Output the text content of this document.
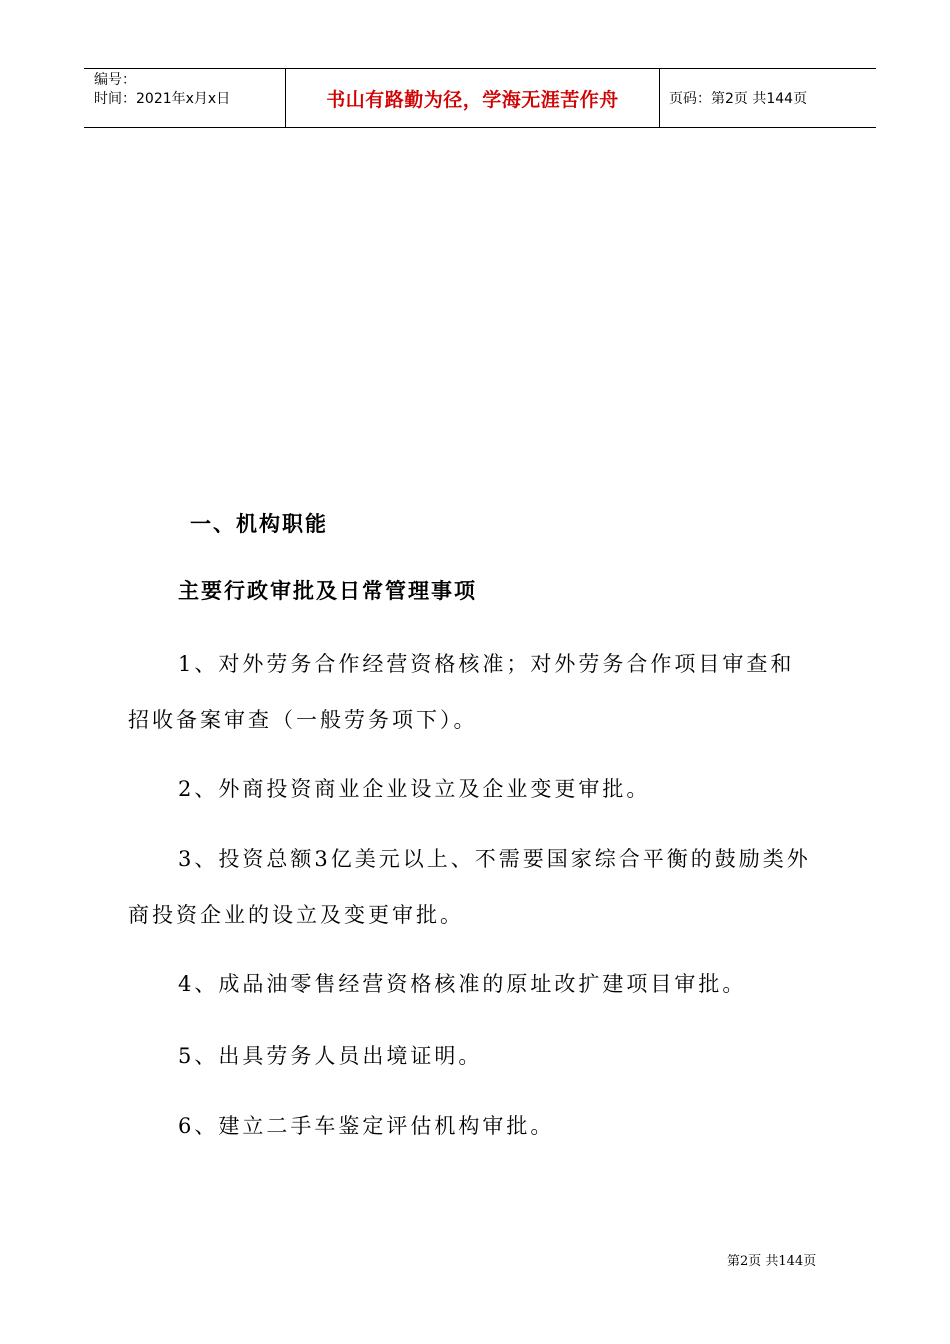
编号：
时间：2021年x月x日	书山有路勤为径，学海无涯苦作舟	页码：第2页 共144页
一、机构职能
主要行政审批及日常管理事项
1、对外劳务合作经营资格核准；对外劳务合作项目审查和
招收备案审查（一般劳务项下）。
2、外商投资商业企业设立及企业变更审批。
3、投资总额3亿美元以上、不需要国家综合平衡的鼓励类外
商投资企业的设立及变更审批。
4、成品油零售经营资格核准的原址改扩建项目审批。
5、出具劳务人员出境证明。
6、建立二手车鉴定评估机构审批。
第2页 共144页
